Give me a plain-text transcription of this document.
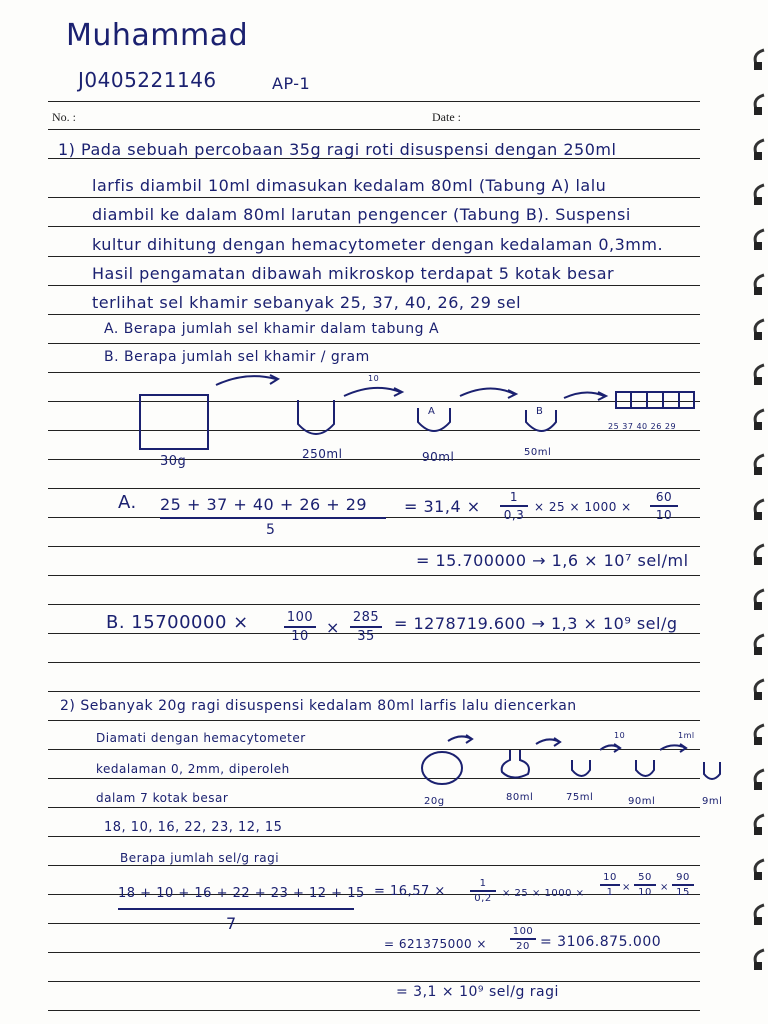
Muhammad
J0405221146	AP-1
No. :	Date :
1) Pada sebuah percobaan 35g ragi roti disuspensi dengan 250ml
larfis diambil 10ml dimasukan kedalam 80ml (Tabung A) lalu
diambil ke dalam 80ml larutan pengencer (Tabung B). Suspensi
kultur dihitung dengan hemacytometer dengan kedalaman 0,3mm.
Hasil pengamatan dibawah mikroskop terdapat 5 kotak besar
terlihat sel khamir sebanyak 25, 37, 40, 26, 29 sel
A. Berapa jumlah sel khamir dalam tabung A
B. Berapa jumlah sel khamir / gram
10
A	B
25 37 40 26 29
30g	250ml	90ml	50ml
A. 25 + 37 + 40 + 26 + 29
5
= 31,4 ×	1
0,3
× 25 × 1000 ×
60
10
= 15.700000 → 1,6 × 10⁷ sel/ml
B. 15700000 ×	100
10	×
285
35
= 1278719.600 → 1,3 × 10⁹ sel/g
2) Sebanyak 20g ragi disuspensi kedalam 80ml larfis lalu diencerkan
Diamati dengan hemacytometer
kedalaman 0, 2mm, diperoleh
dalam 7 kotak besar
18, 10, 16, 22, 23, 12, 15
Berapa jumlah sel/g ragi
10	1ml
20g	80ml	75ml	90ml	9ml
18 + 10 + 16 + 22 + 23 + 12 + 15
7
= 16,57 ×
1
0,2	× 25 × 1000 ×
10
1 ×
50
10 ×
90
15
= 621375000 ×
100
20 = 3106.875.000
= 3,1 × 10⁹ sel/g ragi
